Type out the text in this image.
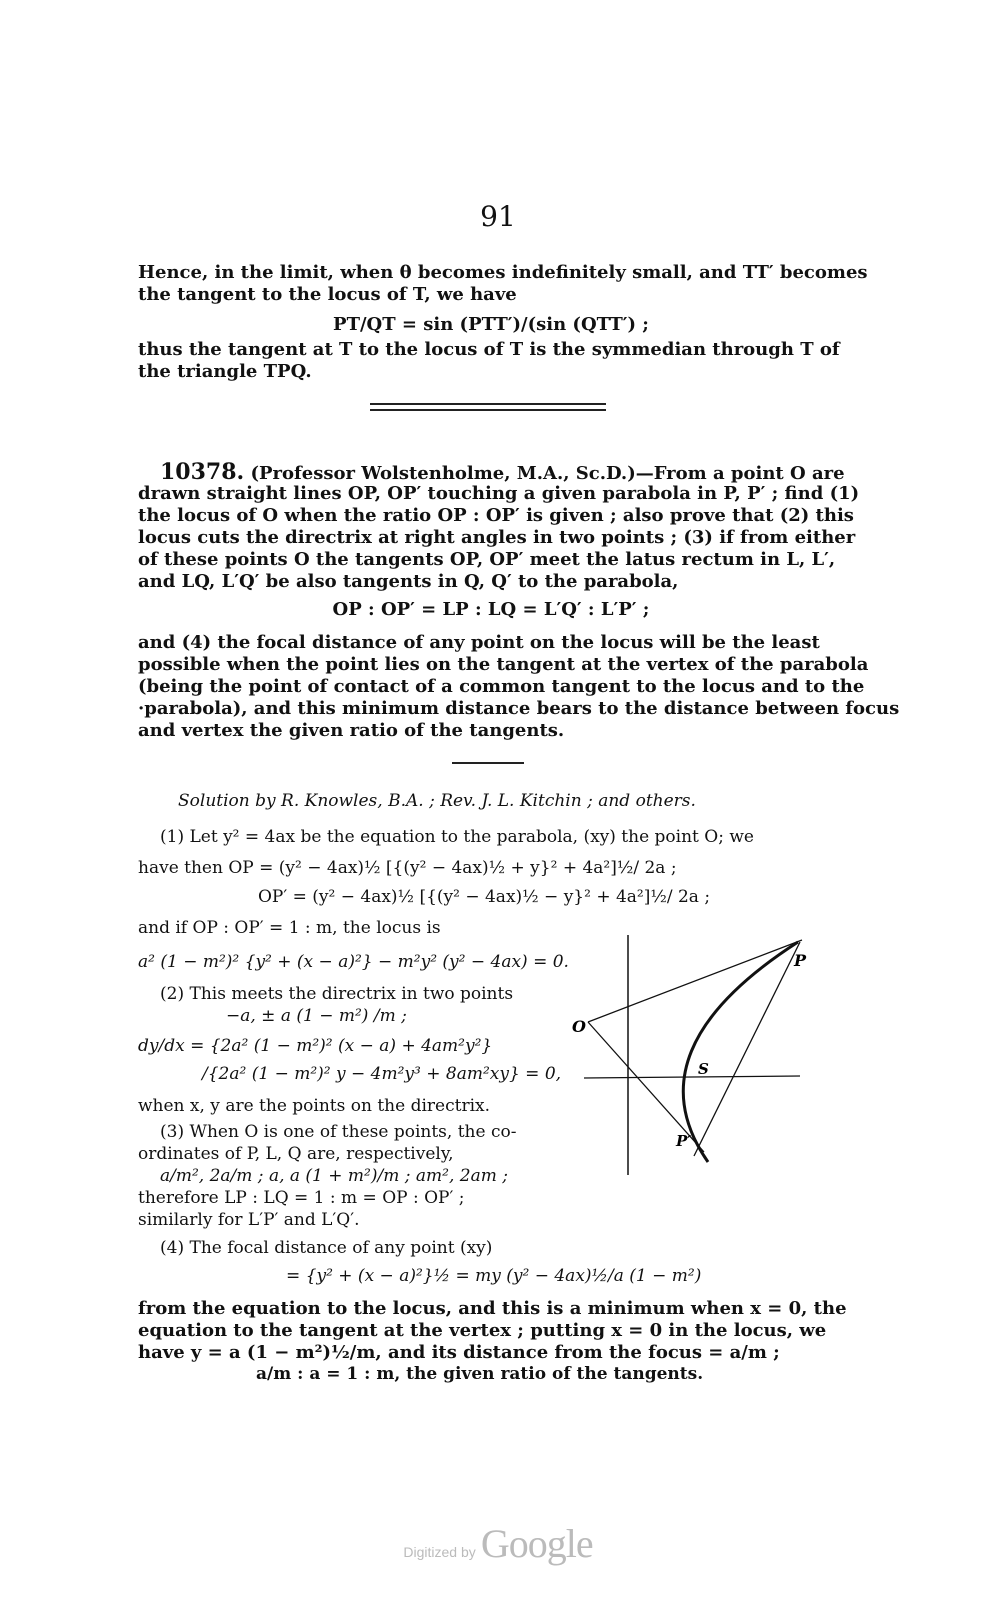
91
Hence, in the limit, when θ becomes indefinitely small, and TT′ becomes
the tangent to the locus of T, we have
PT/QT = sin (PTT′)/(sin (QTT′) ;
thus the tangent at T to the locus of T is the symmedian through T of
the triangle TPQ.
10378. (Professor Wolstenholme, M.A., Sc.D.)—From a point O are
drawn straight lines OP, OP′ touching a given parabola in P, P′ ; find (1)
the locus of O when the ratio OP : OP′ is given ; also prove that (2) this
locus cuts the directrix at right angles in two points ; (3) if from either
of these points O the tangents OP, OP′ meet the latus rectum in L, L′,
and LQ, L′Q′ be also tangents in Q, Q′ to the parabola,
OP : OP′ = LP : LQ = L′Q′ : L′P′ ;
and (4) the focal distance of any point on the locus will be the least
possible when the point lies on the tangent at the vertex of the parabola
(being the point of contact of a common tangent to the locus and to the
·parabola), and this minimum distance bears to the distance between focus
and vertex the given ratio of the tangents.
Solution by R. Knowles, B.A. ; Rev. J. L. Kitchin ; and others.
(1) Let y² = 4ax be the equation to the parabola, (xy) the point O; we
have then OP = (y² − 4ax)½ [{(y² − 4ax)½ + y}² + 4a²]½/ 2a ;
OP′ = (y² − 4ax)½ [{(y² − 4ax)½ − y}² + 4a²]½/ 2a ;
and if OP : OP′ = 1 : m, the locus is
a² (1 − m²)² {y² + (x − a)²} − m²y² (y² − 4ax) = 0.
(2) This meets the directrix in two points
−a, ± a (1 − m²) /m ;
dy/dx = {2a² (1 − m²)² (x − a) + 4am²y²}
/{2a² (1 − m²)² y − 4m²y³ + 8am²xy} = 0,
when x, y are the points on the directrix.
(3) When O is one of these points, the co-
ordinates of P, L, Q are, respectively,
a/m², 2a/m ; a, a (1 + m²)/m ; am², 2am ;
therefore LP : LQ = 1 : m = OP : OP′ ;
similarly for L′P′ and L′Q′.
(4) The focal distance of any point (xy)
= {y² + (x − a)²}½ = my (y² − 4ax)½/a (1 − m²)
from the equation to the locus, and this is a minimum when x = 0, the
equation to the tangent at the vertex ; putting x = 0 in the locus, we
have y = a (1 − m²)½/m, and its distance from the focus = a/m ;
a/m : a = 1 : m, the given ratio of the tangents.
P
O
S
P′
Digitized by Google
